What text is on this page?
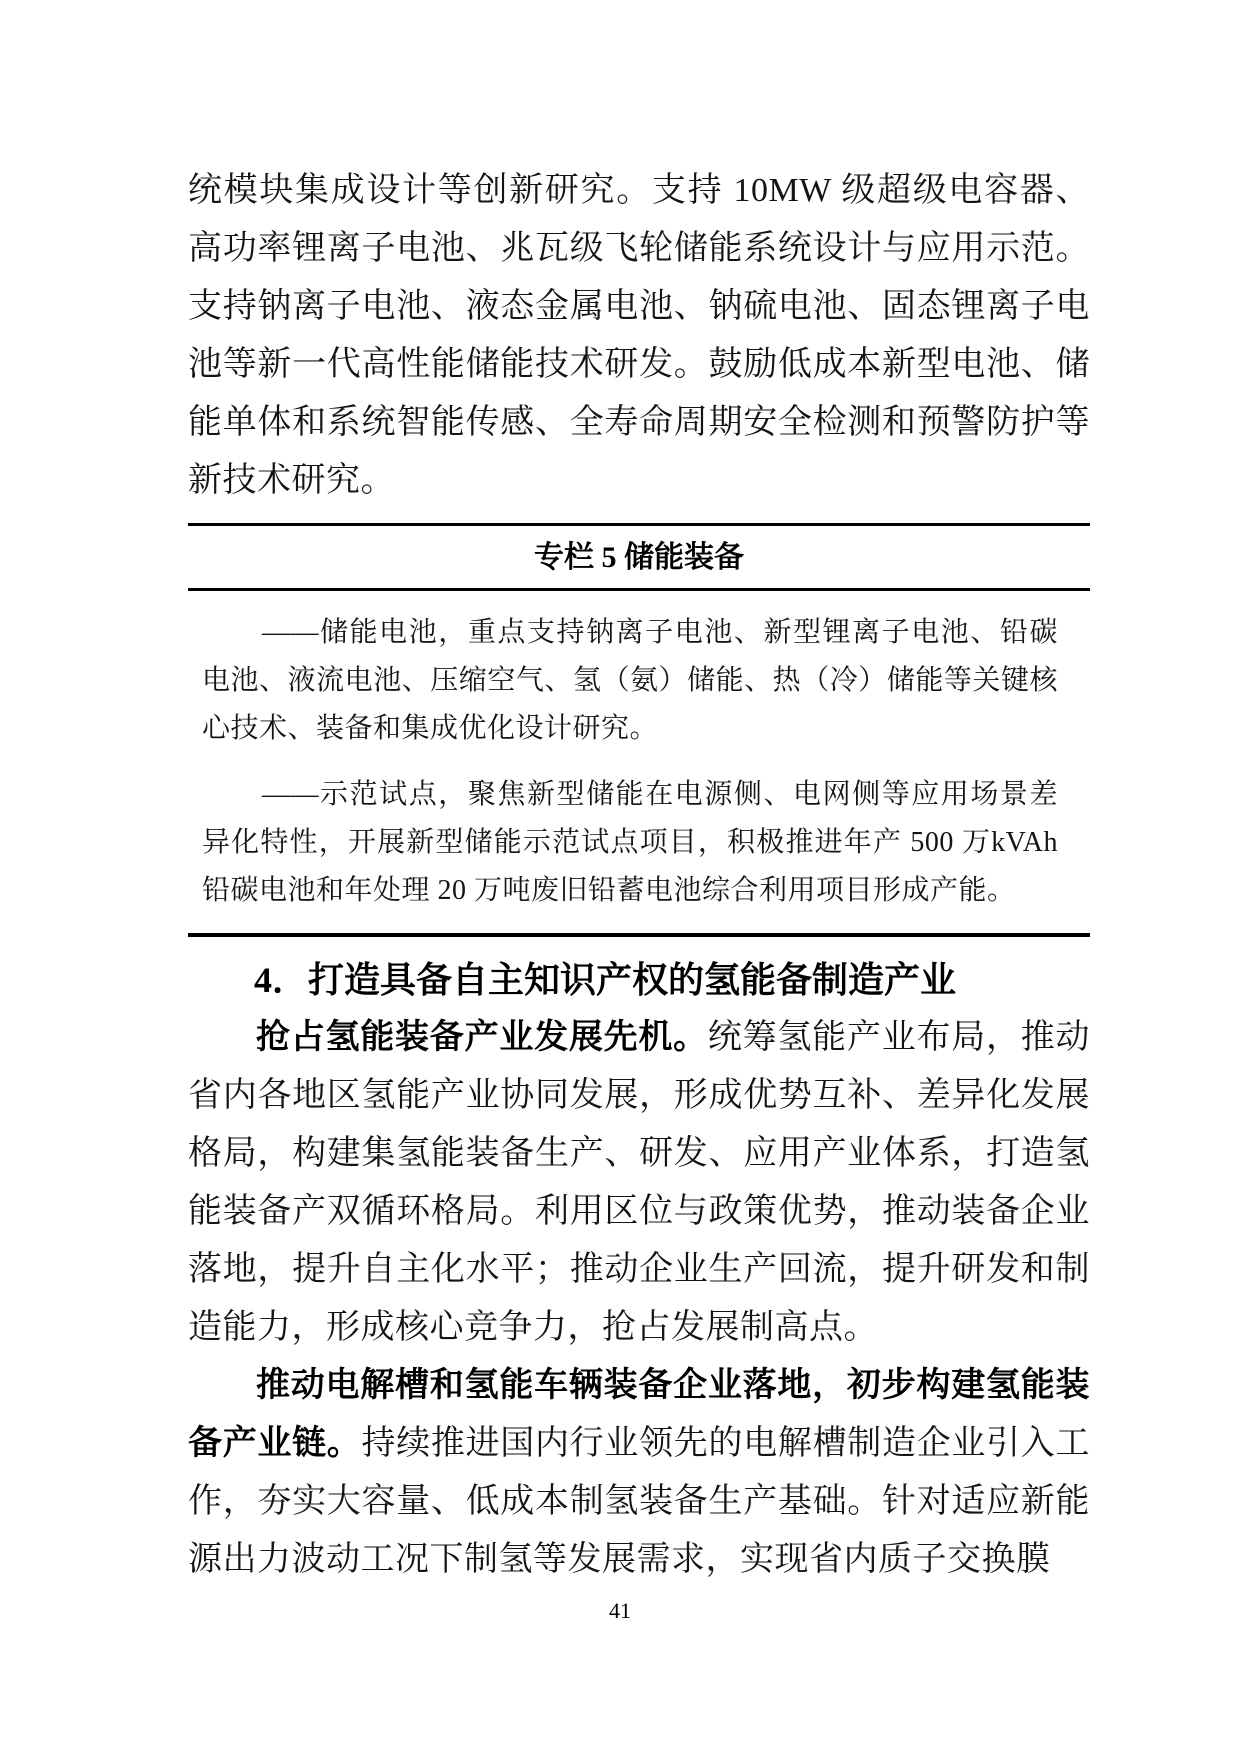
统模块集成设计等创新研究。支持 10MW 级超级电容器、高功率锂离子电池、兆瓦级飞轮储能系统设计与应用示范。支持钠离子电池、液态金属电池、钠硫电池、固态锂离子电池等新一代高性能储能技术研发。鼓励低成本新型电池、储能单体和系统智能传感、全寿命周期安全检测和预警防护等新技术研究。

专栏 5 储能装备

——储能电池，重点支持钠离子电池、新型锂离子电池、铅碳电池、液流电池、压缩空气、氢（氨）储能、热（冷）储能等关键核心技术、装备和集成优化设计研究。

——示范试点，聚焦新型储能在电源侧、电网侧等应用场景差异化特性，开展新型储能示范试点项目，积极推进年产 500 万kVAh铅碳电池和年处理 20 万吨废旧铅蓄电池综合利用项目形成产能。

4．打造具备自主知识产权的氢能备制造产业

抢占氢能装备产业发展先机。统筹氢能产业布局，推动省内各地区氢能产业协同发展，形成优势互补、差异化发展格局，构建集氢能装备生产、研发、应用产业体系，打造氢能装备产双循环格局。利用区位与政策优势，推动装备企业落地，提升自主化水平；推动企业生产回流，提升研发和制造能力，形成核心竞争力，抢占发展制高点。

推动电解槽和氢能车辆装备企业落地，初步构建氢能装备产业链。持续推进国内行业领先的电解槽制造企业引入工作，夯实大容量、低成本制氢装备生产基础。针对适应新能源出力波动工况下制氢等发展需求，实现省内质子交换膜

41
